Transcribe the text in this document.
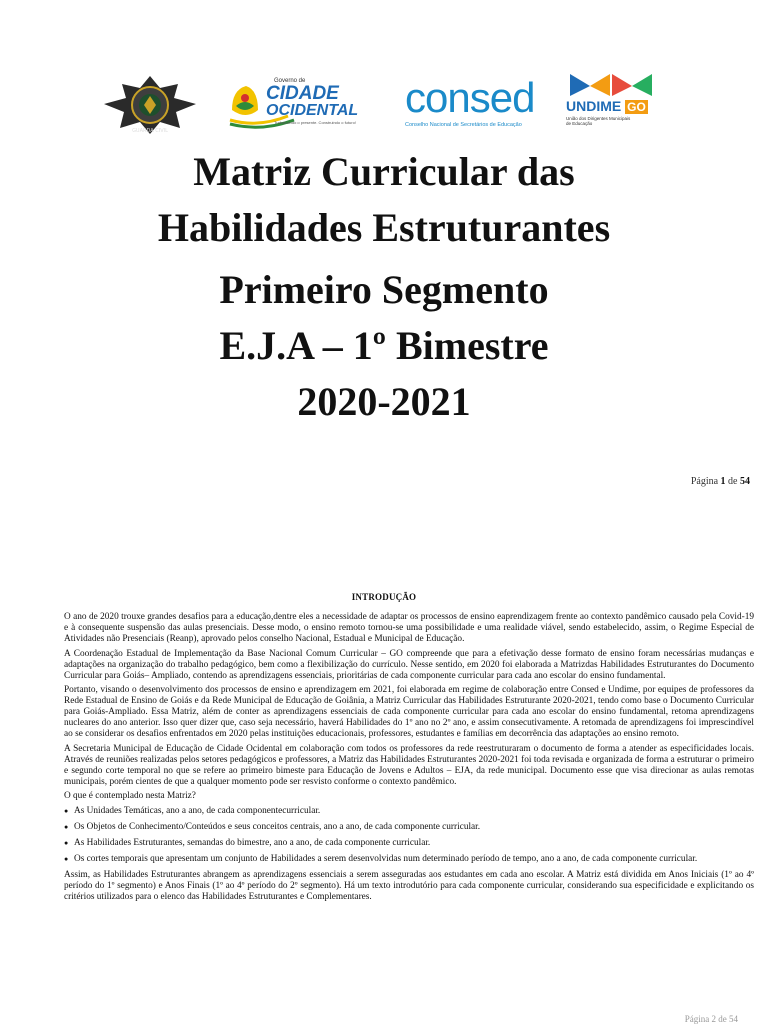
GUARDA CIVIL
Governo de
CIDADE
OCIDENTAL
Trabalhando o presente. Construindo o futuro!
consed
Conselho Nacional de Secretários de Educação
UNDIME GO
União dos Dirigentes Municipais de Educação
Matriz Curricular das
Habilidades Estruturantes
Primeiro Segmento
E.J.A – 1º Bimestre
2020-2021
Página 1 de 54
INTRODUÇÃO

O ano de 2020 trouxe grandes desafios para a educação,dentre eles a necessidade de adaptar os processos de ensino eaprendizagem frente ao contexto pandêmico causado pela Covid-19 e à consequente suspensão das aulas presenciais. Desse modo, o ensino remoto tornou-se uma possibilidade e uma realidade viável, sendo estabelecido, assim, o Regime Especial de Atividades não Presenciais (Reanp), aprovado pelos conselho Nacional, Estadual e Municipal de Educação.

A Coordenação Estadual de Implementação da Base Nacional Comum Curricular – GO compreende que para a efetivação desse formato de ensino foram necessárias mudanças e adaptações na organização do trabalho pedagógico, bem como a flexibilização do currículo. Nesse sentido, em 2020 foi elaborada a Matrizdas Habilidades Estruturantes do Documento Curricular para Goiás– Ampliado, contendo as aprendizagens essenciais, prioritárias de cada componente curricular para cada ano escolar do ensino fundamental.

Portanto, visando o desenvolvimento dos processos de ensino e aprendizagem em 2021, foi elaborada em regime de colaboração entre Consed e Undime, por equipes de professores da Rede Estadual de Ensino de Goiás e da Rede Municipal de Educação de Goiânia, a Matriz Curricular das Habilidades Estruturante 2020-2021, tendo como base o Documento Curricular para Goiás-Ampliado. Essa Matriz, além de conter as aprendizagens essenciais de cada componente curricular para cada ano escolar do ensino fundamental, retoma aprendizagens nucleares do ano anterior. Isso quer dizer que, caso seja necessário, haverá Habilidades do 1º ano no 2º ano, e assim consecutivamente. A retomada de aprendizagens foi imprescindível ao se considerar os desafios enfrentados em 2020 pelas instituições educacionais, professores, estudantes e famílias em decorrência das adaptações ao ensino remoto.

A Secretaria Municipal de Educação de Cidade Ocidental em colaboração com todos os professores da rede reestruturaram o documento de forma a atender as especificidades locais. Através de reuniões realizadas pelos setores pedagógicos e professores, a Matriz das Habilidades Estruturantes 2020-2021 foi toda revisada e organizada de forma a estruturar o primeiro e segundo corte temporal no que se refere ao primeiro bimeste para Educação de Jovens e Adultos – EJA, da rede municipal. Documento esse que visa direcionar as aulas remotas municipais, porém cientes de que a qualquer momento pode ser resvisto conforme o contexto pandêmico.

O que é contemplado nesta Matriz?

● As Unidades Temáticas, ano a ano, de cada componentecurricular.
● Os Objetos de Conhecimento/Conteúdos e seus conceitos centrais, ano a ano, de cada componente curricular.
● As Habilidades Estruturantes, semandas do bimestre, ano a ano, de cada componente curricular.
● Os cortes temporais que apresentam um conjunto de Habilidades a serem desenvolvidas num determinado período de tempo, ano a ano, de cada componente curricular.

Assim, as Habilidades Estruturantes abrangem as aprendizagens essenciais a serem asseguradas aos estudantes em cada ano escolar. A Matriz está dividida em Anos Iniciais (1º ao 4º período do 1º segmento) e Anos Finais (1º ao 4º período do 2º segmento). Há um texto introdutório para cada componente curricular, considerando sua especificidade e explicitando os critérios utilizados para o elenco das Habilidades Estruturantes e Complementares.

Página 2 de 54
